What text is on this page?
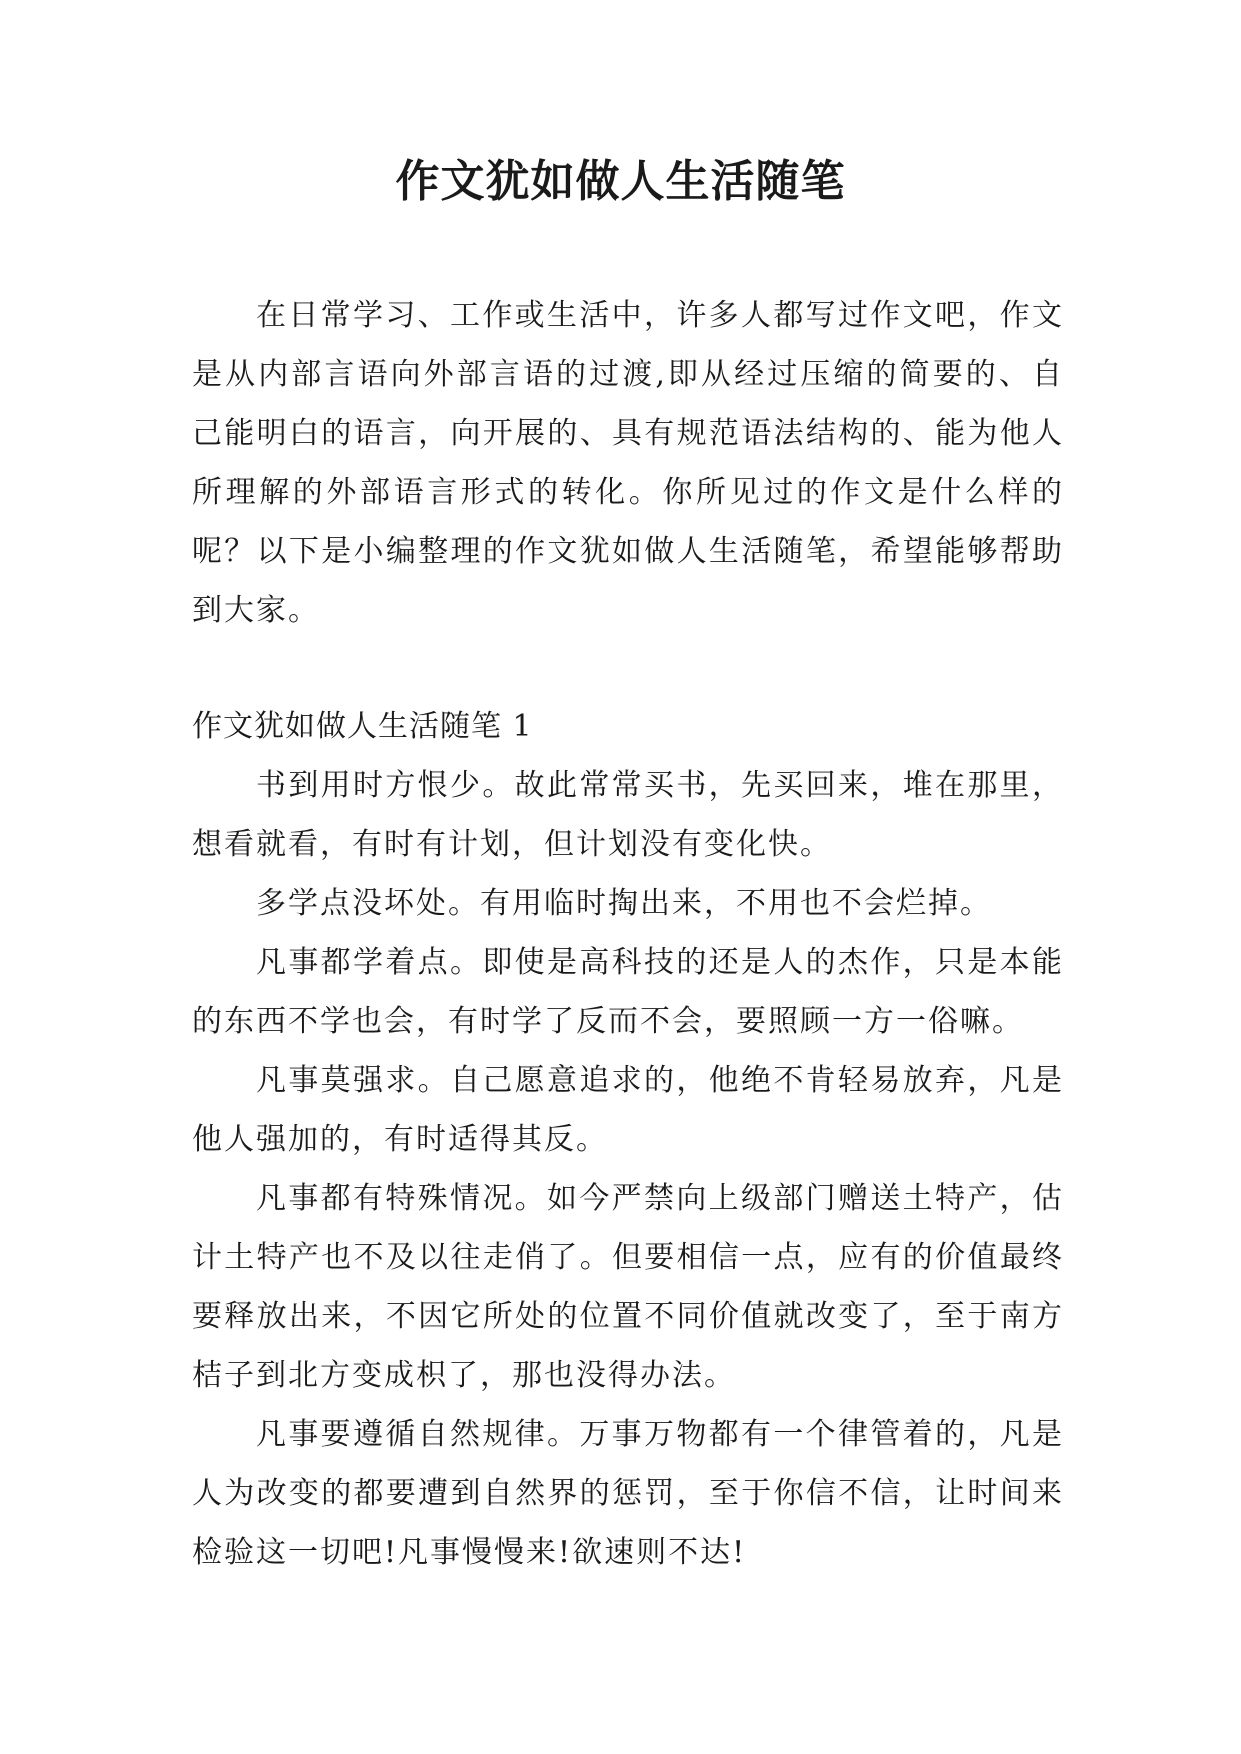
作文犹如做人生活随笔

在日常学习、工作或生活中，许多人都写过作文吧，作文是从内部言语向外部言语的过渡,即从经过压缩的简要的、自己能明白的语言，向开展的、具有规范语法结构的、能为他人所理解的外部语言形式的转化。你所见过的作文是什么样的呢？以下是小编整理的作文犹如做人生活随笔，希望能够帮助到大家。

作文犹如做人生活随笔 1

书到用时方恨少。故此常常买书，先买回来，堆在那里，想看就看，有时有计划，但计划没有变化快。

多学点没坏处。有用临时掏出来，不用也不会烂掉。

凡事都学着点。即使是高科技的还是人的杰作，只是本能的东西不学也会，有时学了反而不会，要照顾一方一俗嘛。

凡事莫强求。自己愿意追求的，他绝不肯轻易放弃，凡是他人强加的，有时适得其反。

凡事都有特殊情况。如今严禁向上级部门赠送土特产，估计土特产也不及以往走俏了。但要相信一点，应有的价值最终要释放出来，不因它所处的位置不同价值就改变了，至于南方桔子到北方变成枳了，那也没得办法。

凡事要遵循自然规律。万事万物都有一个律管着的，凡是人为改变的都要遭到自然界的惩罚，至于你信不信，让时间来检验这一切吧!凡事慢慢来!欲速则不达!
